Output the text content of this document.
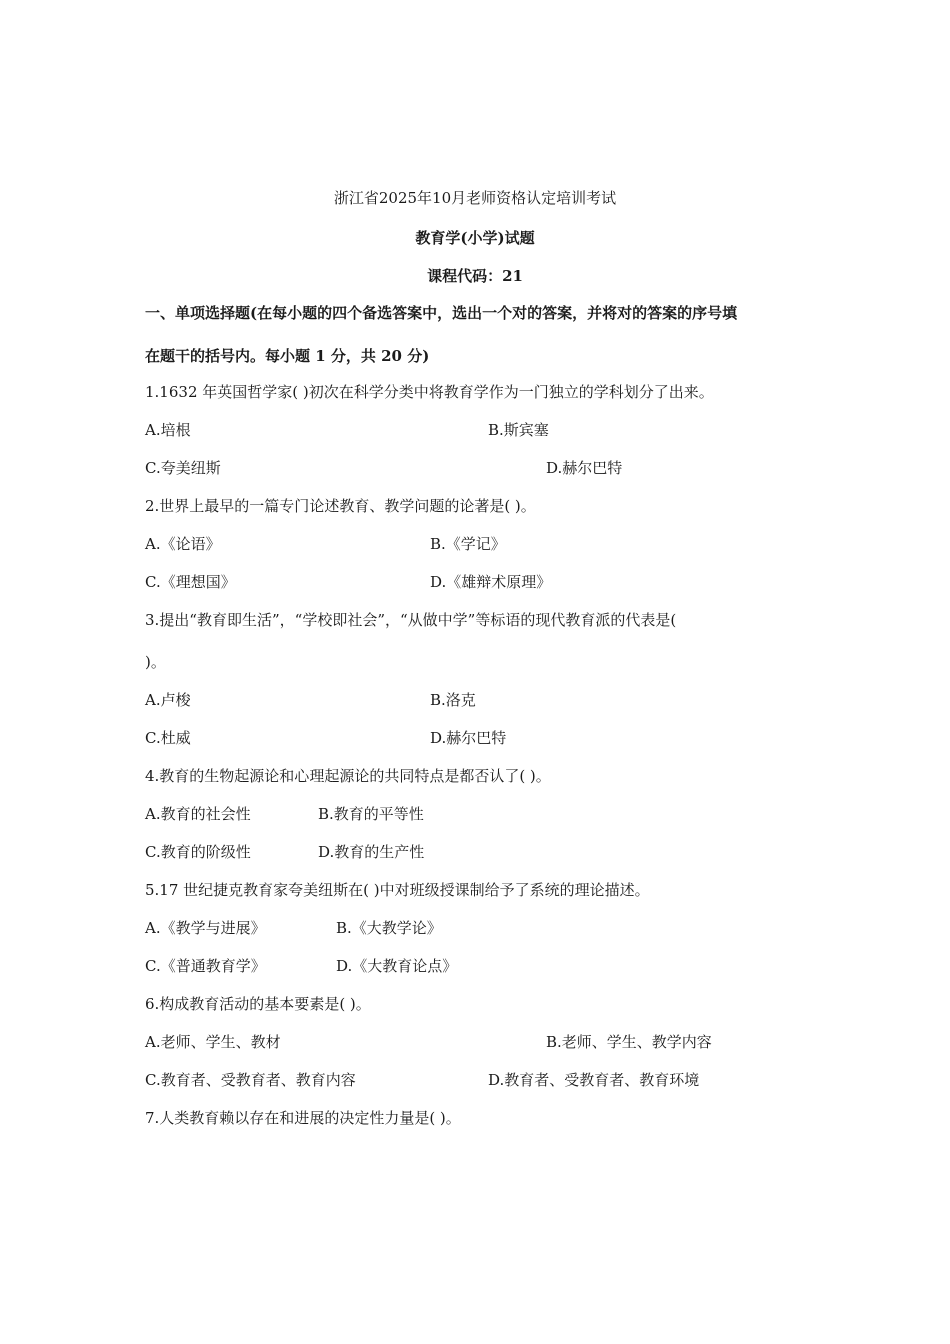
浙江省2025年10月老师资格认定培训考试
教育学(小学)试题
课程代码：21
一、单项选择题(在每小题的四个备选答案中，选出一个对的答案，并将对的答案的序号填
在题干的括号内。每小题 1 分，共 20 分)
1.1632 年英国哲学家( )初次在科学分类中将教育学作为一门独立的学科划分了出来。
A.培根	B.斯宾塞
C.夸美纽斯	D.赫尔巴特
2.世界上最早的一篇专门论述教育、教学问题的论著是( )。
A.《论语》	B.《学记》
C.《理想国》	D.《雄辩术原理》
3.提出“教育即生活”，“学校即社会”，“从做中学”等标语的现代教育派的代表是(
)。
A.卢梭	B.洛克
C.杜威	D.赫尔巴特
4.教育的生物起源论和心理起源论的共同特点是都否认了( )。
A.教育的社会性	B.教育的平等性
C.教育的阶级性	D.教育的生产性
5.17 世纪捷克教育家夸美纽斯在( )中对班级授课制给予了系统的理论描述。
A.《教学与进展》	B.《大教学论》
C.《普通教育学》	D.《大教育论点》
6.构成教育活动的基本要素是( )。
A.老师、学生、教材	B.老师、学生、教学内容
C.教育者、受教育者、教育内容	D.教育者、受教育者、教育环境
7.人类教育赖以存在和进展的决定性力量是( )。
